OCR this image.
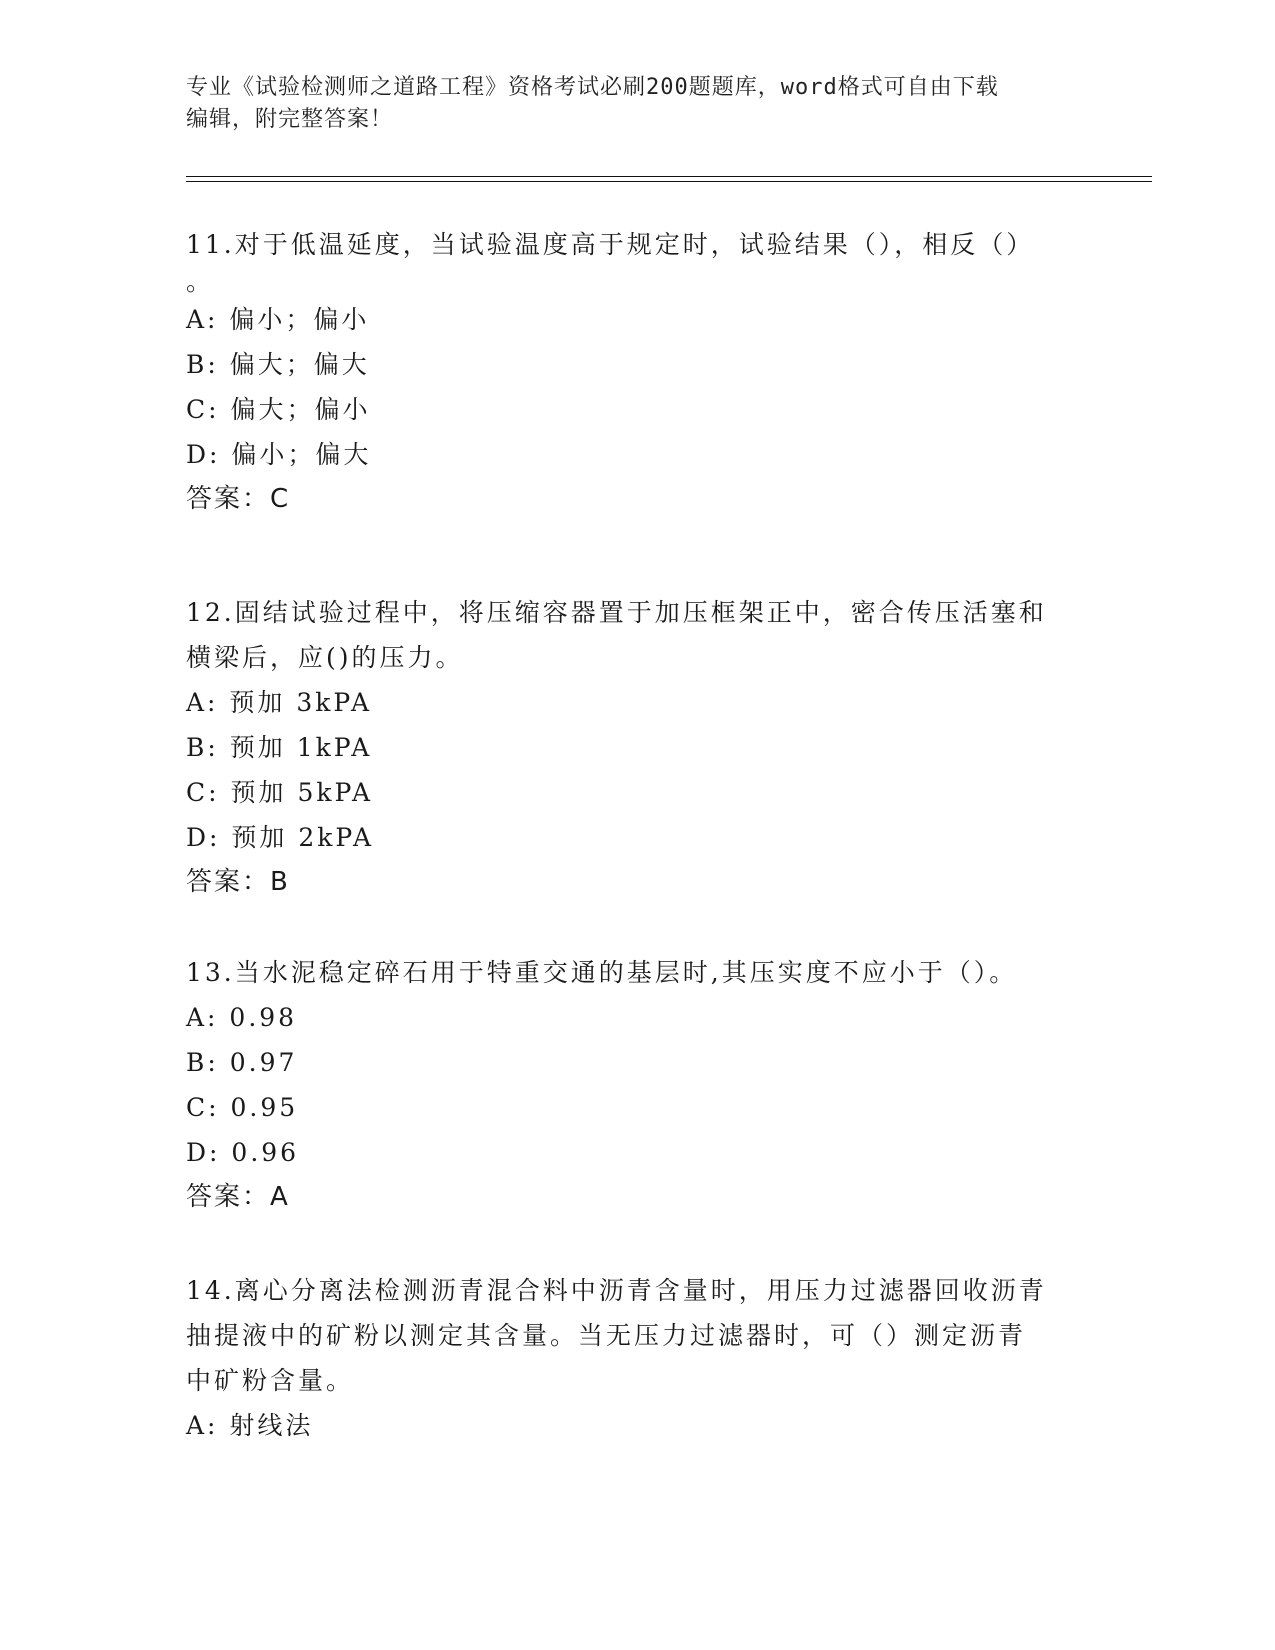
专业《试验检测师之道路工程》资格考试必刷200题题库，word格式可自由下载
编辑，附完整答案！
11.对于低温延度，当试验温度高于规定时，试验结果（），相反（）
。
A: 偏小；偏小
B: 偏大；偏大
C: 偏大；偏小
D: 偏小；偏大
答案：C
12.固结试验过程中，将压缩容器置于加压框架正中，密合传压活塞和
横梁后，应()的压力。
A: 预加 3kPA
B: 预加 1kPA
C: 预加 5kPA
D: 预加 2kPA
答案：B
13.当水泥稳定碎石用于特重交通的基层时,其压实度不应小于（）。
A: 0.98
B: 0.97
C: 0.95
D: 0.96
答案：A
14.离心分离法检测沥青混合料中沥青含量时，用压力过滤器回收沥青
抽提液中的矿粉以测定其含量。当无压力过滤器时，可（）测定沥青
中矿粉含量。
A: 射线法
